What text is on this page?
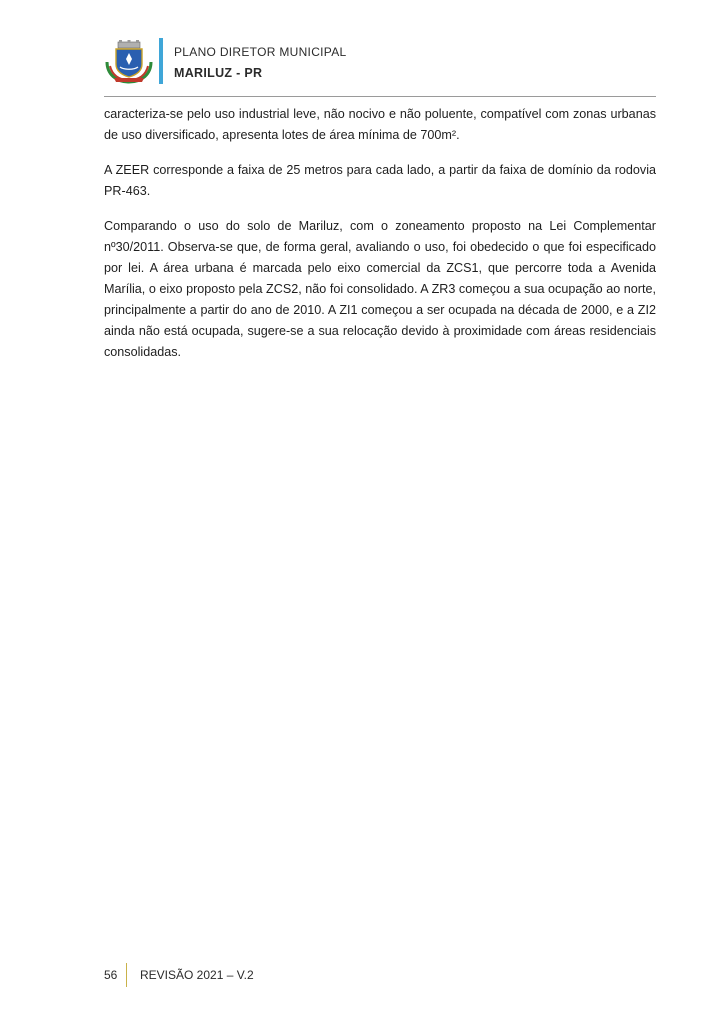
PLANO DIRETOR MUNICIPAL
MARILUZ - PR

caracteriza-se pelo uso industrial leve, não nocivo e não poluente, compatível com zonas urbanas de uso diversificado, apresenta lotes de área mínima de 700m².

A ZEER corresponde a faixa de 25 metros para cada lado, a partir da faixa de domínio da rodovia PR-463.

Comparando o uso do solo de Mariluz, com o zoneamento proposto na Lei Complementar nº30/2011. Observa-se que, de forma geral, avaliando o uso, foi obedecido o que foi especificado por lei. A área urbana é marcada pelo eixo comercial da ZCS1, que percorre toda a Avenida Marília, o eixo proposto pela ZCS2, não foi consolidado. A ZR3 começou a sua ocupação ao norte, principalmente a partir do ano de 2010. A ZI1 começou a ser ocupada na década de 2000, e a ZI2 ainda não está ocupada, sugere-se a sua relocação devido à proximidade com áreas residenciais consolidadas.

56 REVISÃO 2021 – V.2
